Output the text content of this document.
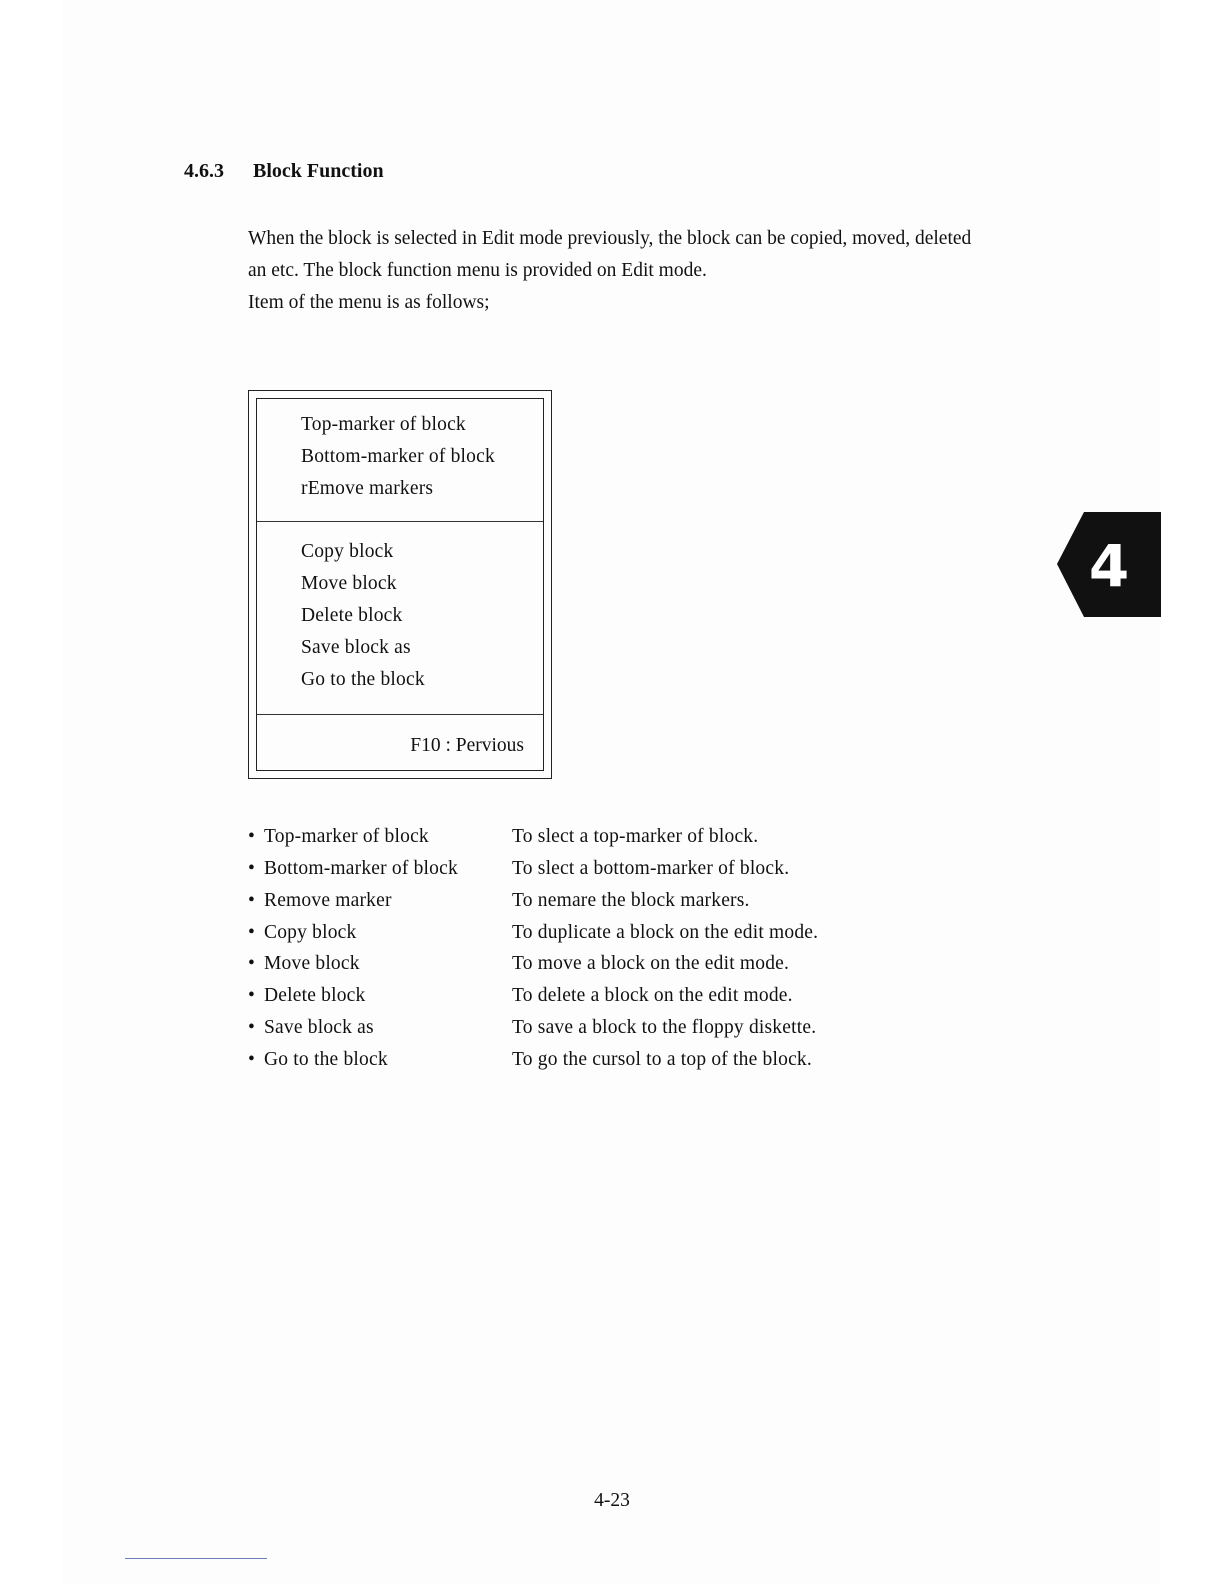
4.6.3 Block Function

When the block is selected in Edit mode previously, the block can be copied, moved, deleted

an etc. The block function menu is provided on Edit mode.

Item of the menu is as follows;

Top-marker of block
Bottom-marker of block
rEmove markers
Copy block
Move block
Delete block
Save block as
Go to the block
F10 : Pervious
• Top-marker of block	To slect a top-marker of block.
• Bottom-marker of block	To slect a bottom-marker of block.
• Remove marker	To nemare the block markers.
• Copy block	To duplicate a block on the edit mode.
• Move block	To move a block on the edit mode.
• Delete block	To delete a block on the edit mode.
• Save block as	To save a block to the floppy diskette.
• Go to the block	To go the cursol to a top of the block.
4
4-23
